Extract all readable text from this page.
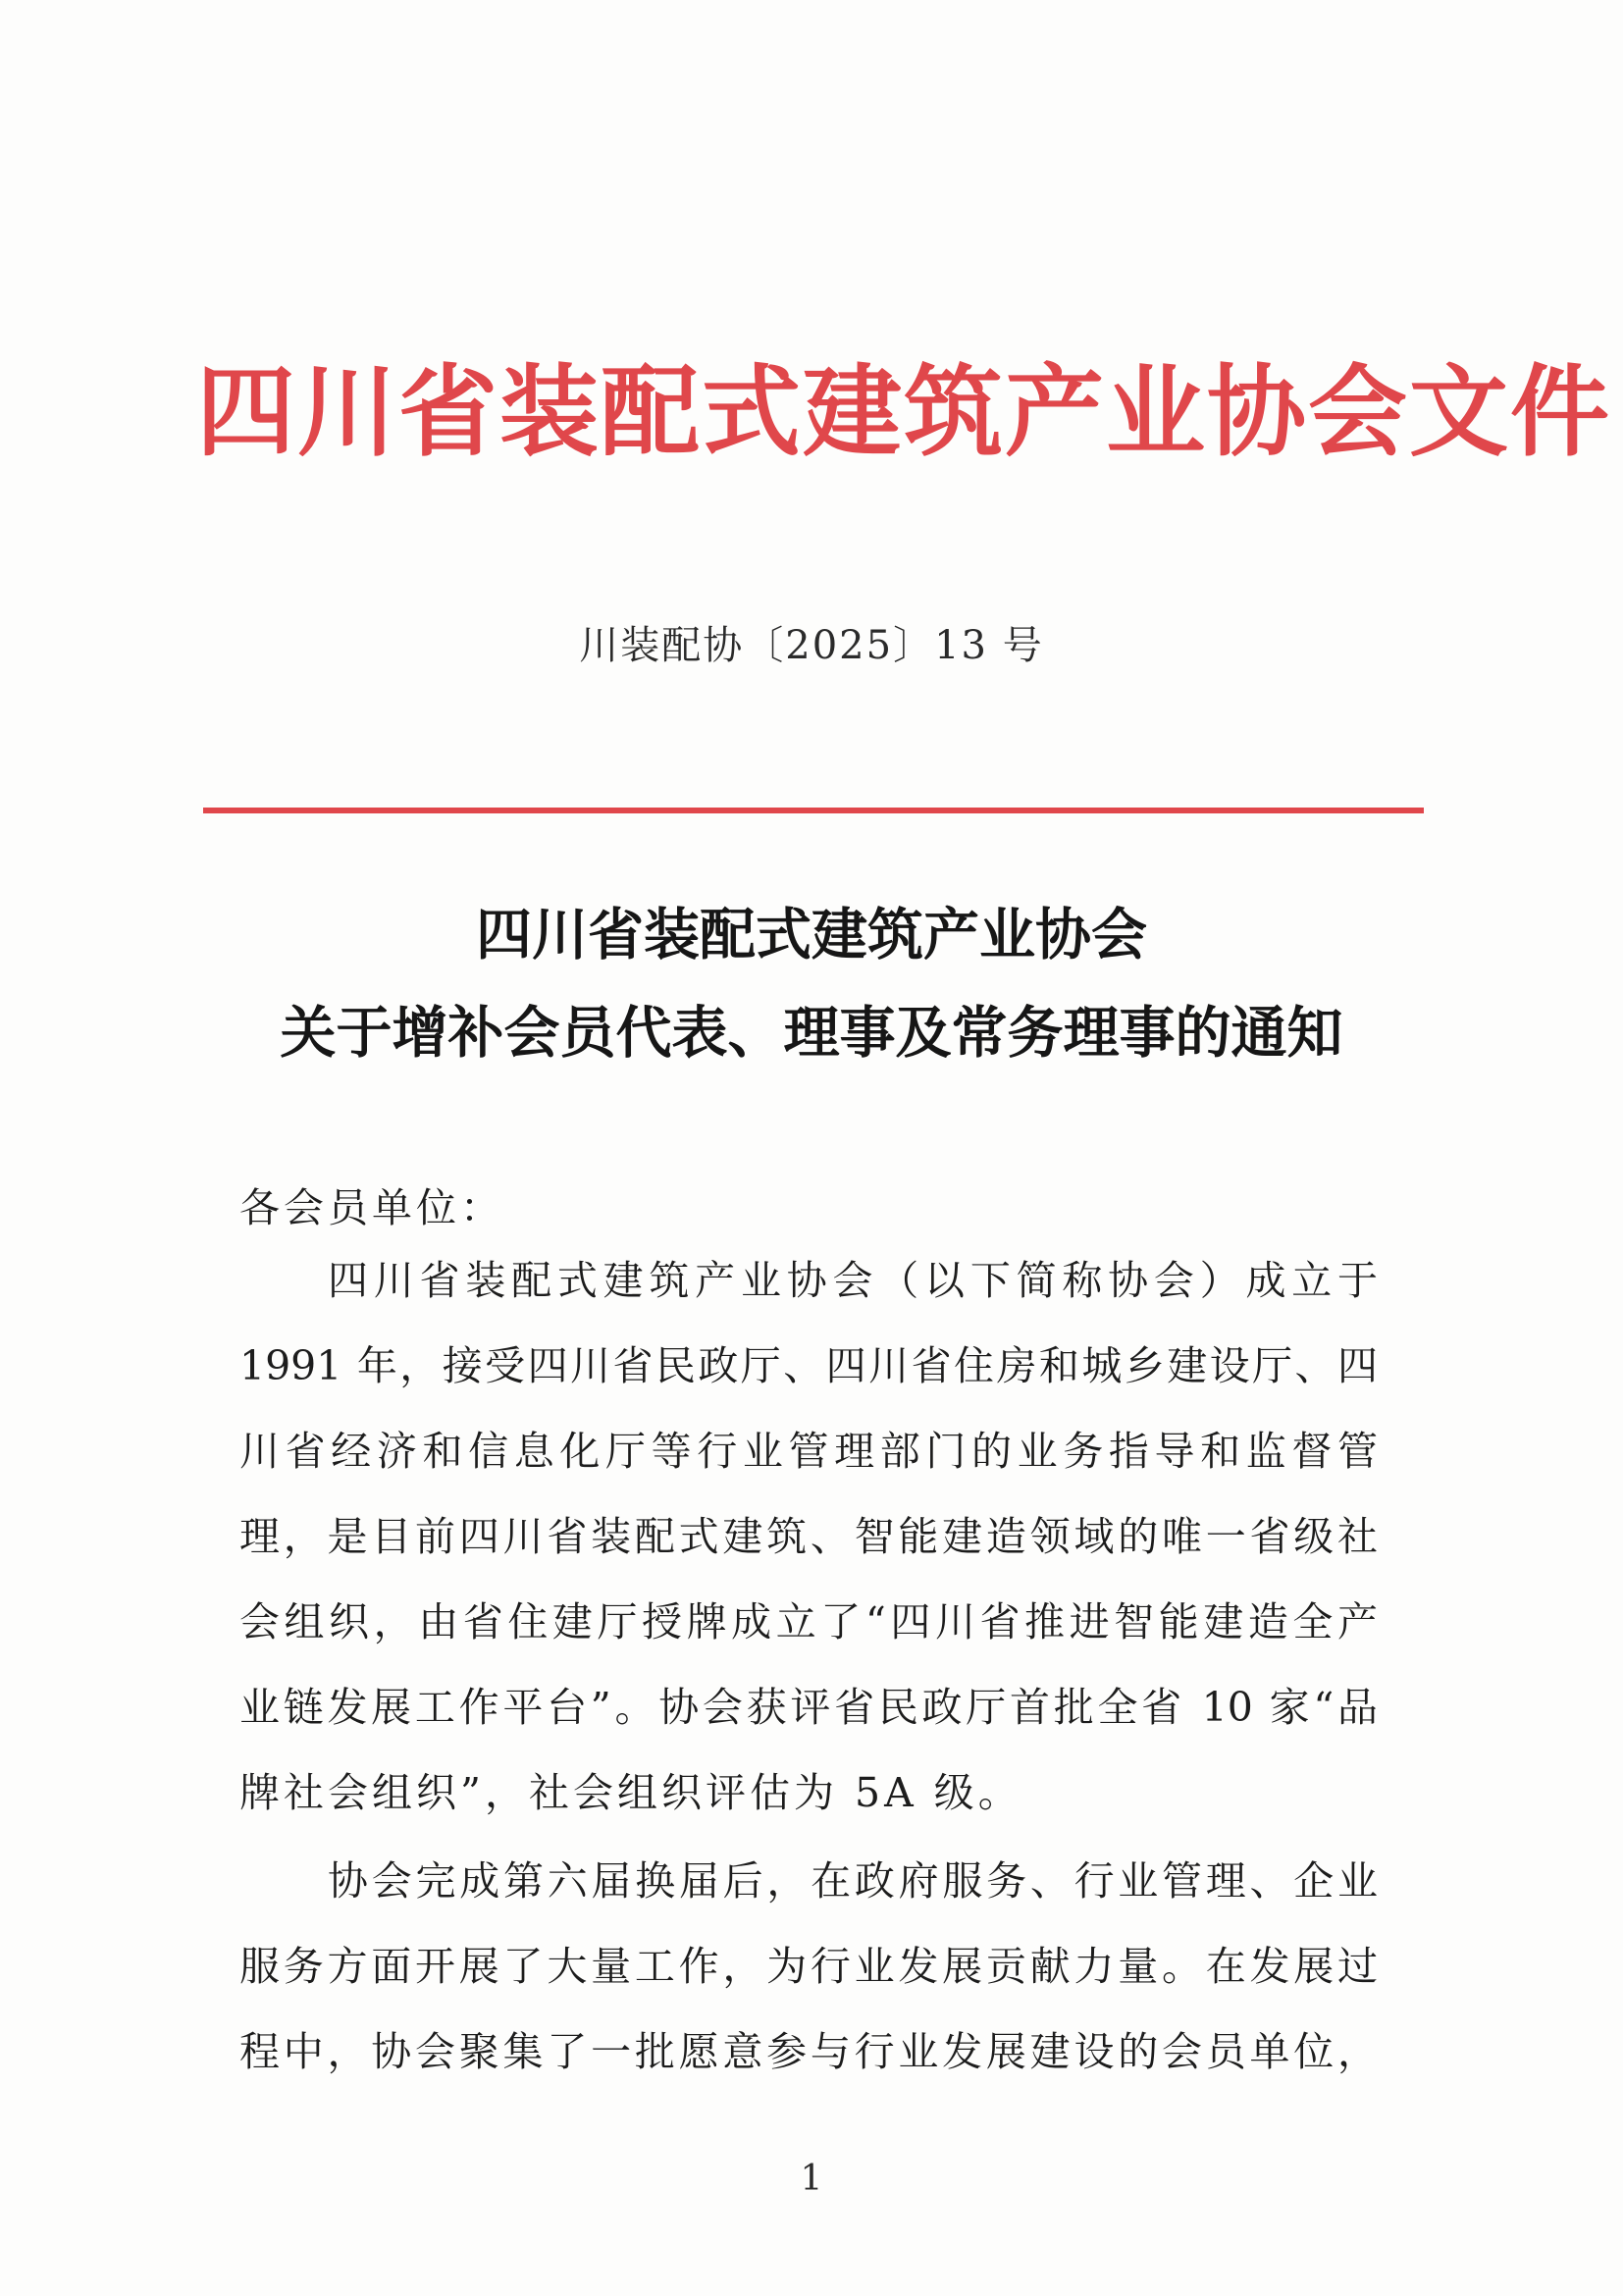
四川省装配式建筑产业协会文件
川装配协〔2025〕13 号
四川省装配式建筑产业协会
关于增补会员代表、理事及常务理事的通知
各会员单位：
四川省装配式建筑产业协会（以下简称协会）成立于
1991 年，接受四川省民政厅、四川省住房和城乡建设厅、四
川省经济和信息化厅等行业管理部门的业务指导和监督管
理，是目前四川省装配式建筑、智能建造领域的唯一省级社
会组织，由省住建厅授牌成立了“四川省推进智能建造全产
业链发展工作平台”。协会获评省民政厅首批全省 10 家“品
牌社会组织”，社会组织评估为 5A 级。
协会完成第六届换届后，在政府服务、行业管理、企业
服务方面开展了大量工作，为行业发展贡献力量。在发展过
程中，协会聚集了一批愿意参与行业发展建设的会员单位，
1
